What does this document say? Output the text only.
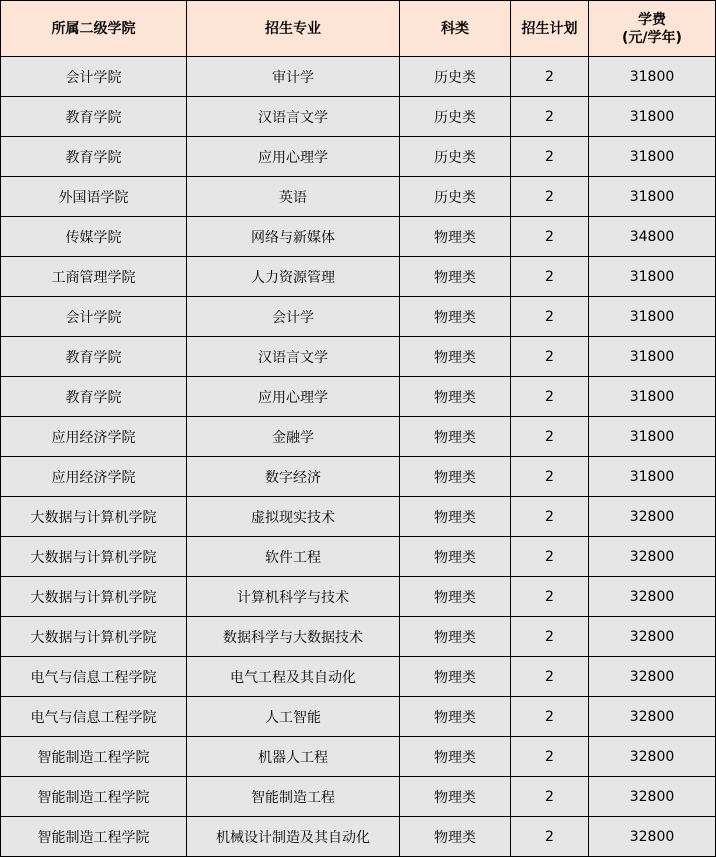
所属二级学院	招生专业	科类	招生计划	学费
(元/学年)

会计学院	审计学	历史类	2	31800
教育学院	汉语言文学	历史类	2	31800
教育学院	应用心理学	历史类	2	31800
外国语学院	英语	历史类	2	31800
传媒学院	网络与新媒体	物理类	2	34800
工商管理学院	人力资源管理	物理类	2	31800
会计学院	会计学	物理类	2	31800
教育学院	汉语言文学	物理类	2	31800
教育学院	应用心理学	物理类	2	31800
应用经济学院	金融学	物理类	2	31800
应用经济学院	数字经济	物理类	2	31800
大数据与计算机学院	虚拟现实技术	物理类	2	32800
大数据与计算机学院	软件工程	物理类	2	32800
大数据与计算机学院	计算机科学与技术	物理类	2	32800
大数据与计算机学院	数据科学与大数据技术	物理类	2	32800
电气与信息工程学院	电气工程及其自动化	物理类	2	32800
电气与信息工程学院	人工智能	物理类	2	32800
智能制造工程学院	机器人工程	物理类	2	32800
智能制造工程学院	智能制造工程	物理类	2	32800
智能制造工程学院	机械设计制造及其自动化	物理类	2	32800
